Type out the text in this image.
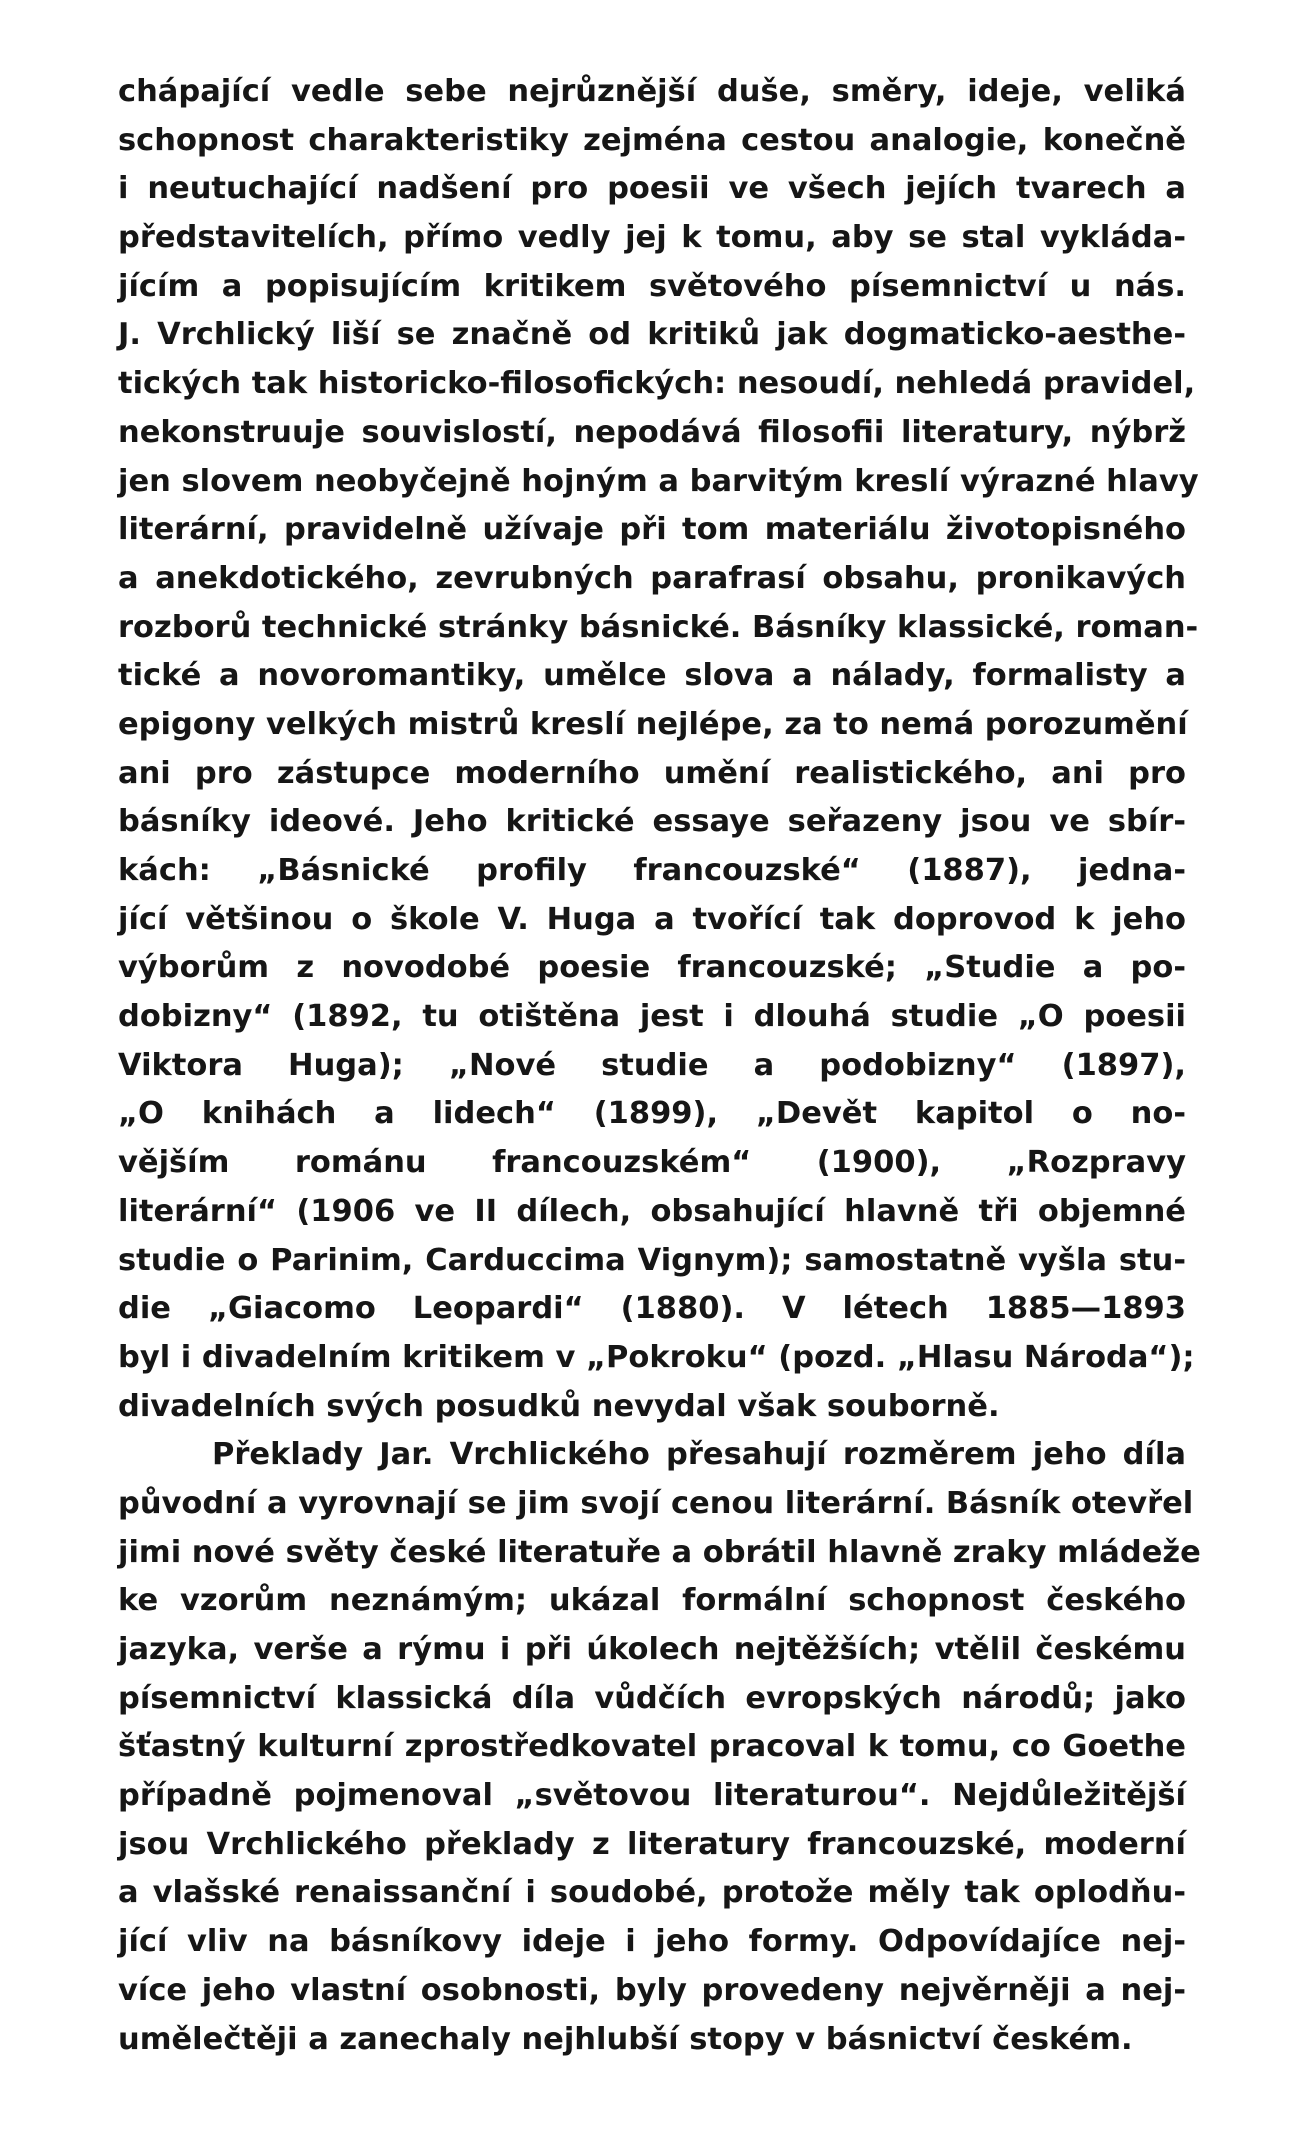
chápající vedle sebe nejrůznější duše, směry, ideje, veliká
schopnost charakteristiky zejména cestou analogie, konečně
i neutuchající nadšení pro poesii ve všech jejích tvarech a
představitelích, přímo vedly jej k tomu, aby se stal vykláda-
jícím a popisujícím kritikem světového písemnictví u nás.
J. Vrchlický liší se značně od kritiků jak dogmaticko-aesthe-
tických tak historicko-filosofických: nesoudí, nehledá pravidel,
nekonstruuje souvislostí, nepodává filosofii literatury, nýbrž
jen slovem neobyčejně hojným a barvitým kreslí výrazné hlavy
literární, pravidelně užívaje při tom materiálu životopisného
a anekdotického, zevrubných parafrasí obsahu, pronikavých
rozborů technické stránky básnické. Básníky klassické, roman-
tické a novoromantiky, umělce slova a nálady, formalisty a
epigony velkých mistrů kreslí nejlépe, za to nemá porozumění
ani pro zástupce moderního umění realistického, ani pro
básníky ideové. Jeho kritické essaye seřazeny jsou ve sbír-
kách: „Básnické profily francouzské“ (1887), jedna-
jící většinou o škole V. Huga a tvořící tak doprovod k jeho
výborům z novodobé poesie francouzské; „Studie a po-
dobizny“ (1892, tu otištěna jest i dlouhá studie „O poesii
Viktora Huga); „Nové studie a podobizny“ (1897),
„O knihách a lidech“ (1899), „Devět kapitol o no-
vějším románu francouzském“ (1900), „Rozpravy
literární“ (1906 ve II dílech, obsahující hlavně tři objemné
studie o Parinim, Carduccima Vignym); samostatně vyšla stu-
die „Giacomo Leopardi“ (1880). V létech 1885—1893
byl i divadelním kritikem v „Pokroku“ (pozd. „Hlasu Národa“);
divadelních svých posudků nevydal však souborně.
Překlady Jar. Vrchlického přesahují rozměrem jeho díla
původní a vyrovnají se jim svojí cenou literární. Básník otevřel
jimi nové světy české literatuře a obrátil hlavně zraky mládeže
ke vzorům neznámým; ukázal formální schopnost českého
jazyka, verše a rýmu i při úkolech nejtěžších; vtělil českému
písemnictví klassická díla vůdčích evropských národů; jako
šťastný kulturní zprostředkovatel pracoval k tomu, co Goethe
případně pojmenoval „světovou literaturou“. Nejdůležitější
jsou Vrchlického překlady z literatury francouzské, moderní
a vlašské renaissanční i soudobé, protože měly tak oplodňu-
jící vliv na básníkovy ideje i jeho formy. Odpovídajíce nej-
více jeho vlastní osobnosti, byly provedeny nejvěrněji a nej-
umělečtěji a zanechaly nejhlubší stopy v básnictví českém.
